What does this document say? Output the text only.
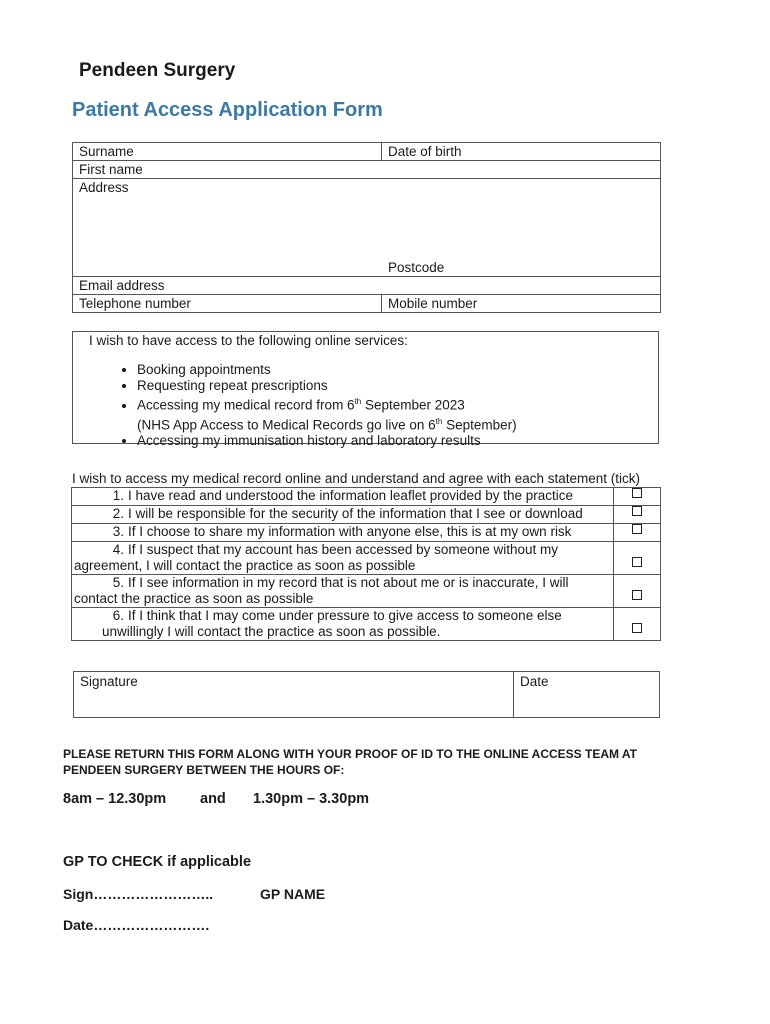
Pendeen Surgery
Patient Access Application Form
Surname	Date of birth
First name	
Address
Postcode	

Email address	
Telephone number	Mobile number
I wish to have access to the following online services:
• Booking appointments
• Requesting repeat prescriptions
• Accessing my medical record from 6th September 2023
(NHS App Access to Medical Records go live on 6th September)
• Accessing my immunisation history and laboratory results
I wish to access my medical record online and understand and agree with each statement (tick)
1. I have read and understood the information leaflet provided by the practice	
2. I will be responsible for the security of the information that I see or download	
3. If I choose to share my information with anyone else, this is at my own risk	
4. If I suspect that my account has been accessed by someone without my
agreement, I will contact the practice as soon as possible	
5. If I see information in my record that is not about me or is inaccurate, I will
contact the practice as soon as possible	
6. If I think that I may come under pressure to give access to someone else
unwillingly I will contact the practice as soon as possible.	
Signature	Date
PLEASE RETURN THIS FORM ALONG WITH YOUR PROOF OF ID TO THE ONLINE ACCESS TEAM AT PENDEEN SURGERY BETWEEN THE HOURS OF:
8am – 12.30pm and 1.30pm – 3.30pm
GP TO CHECK if applicable
Sign……………………..	GP NAME
Date…………………….
